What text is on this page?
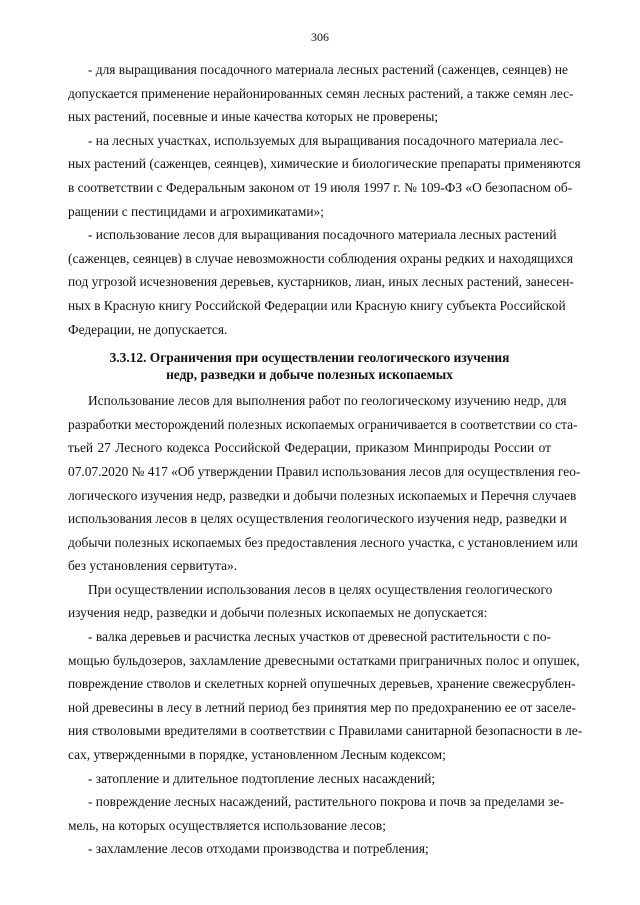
306
- для выращивания посадочного материала лесных растений (саженцев, сеянцев) не
допускается применение нерайонированных семян лесных растений, а также семян лес-
ных растений, посевные и иные качества которых не проверены;
- на лесных участках, используемых для выращивания посадочного материала лес-
ных растений (саженцев, сеянцев), химические и биологические препараты применяются
в соответствии с Федеральным законом от 19 июля 1997 г. № 109-ФЗ «О безопасном об-
ращении с пестицидами и агрохимикатами»;
- использование лесов для выращивания посадочного материала лесных растений
(саженцев, сеянцев) в случае невозможности соблюдения охраны редких и находящихся
под угрозой исчезновения деревьев, кустарников, лиан, иных лесных растений, занесен-
ных в Красную книгу Российской Федерации или Красную книгу субъекта Российской
Федерации, не допускается.
3.3.12. Ограничения при осуществлении геологического изучения
недр, разведки и добыче полезных ископаемых
Использование лесов для выполнения работ по геологическому изучению недр, для
разработки месторождений полезных ископаемых ограничивается в соответствии со ста-
тьей 27 Лесного кодекса Российской Федерации, приказом Минприроды России от
07.07.2020 № 417 «Об утверждении Правил использования лесов для осуществления гео-
логического изучения недр, разведки и добычи полезных ископаемых и Перечня случаев
использования лесов в целях осуществления геологического изучения недр, разведки и
добычи полезных ископаемых без предоставления лесного участка, с установлением или
без установления сервитута».
При осуществлении использования лесов в целях осуществления геологического
изучения недр, разведки и добычи полезных ископаемых не допускается:
- валка деревьев и расчистка лесных участков от древесной растительности с по-
мощью бульдозеров, захламление древесными остатками приграничных полос и опушек,
повреждение стволов и скелетных корней опушечных деревьев, хранение свежесрублен-
ной древесины в лесу в летний период без принятия мер по предохранению ее от заселе-
ния стволовыми вредителями в соответствии с Правилами санитарной безопасности в ле-
сах, утвержденными в порядке, установленном Лесным кодексом;
- затопление и длительное подтопление лесных насаждений;
- повреждение лесных насаждений, растительного покрова и почв за пределами зе-
мель, на которых осуществляется использование лесов;
- захламление лесов отходами производства и потребления;
